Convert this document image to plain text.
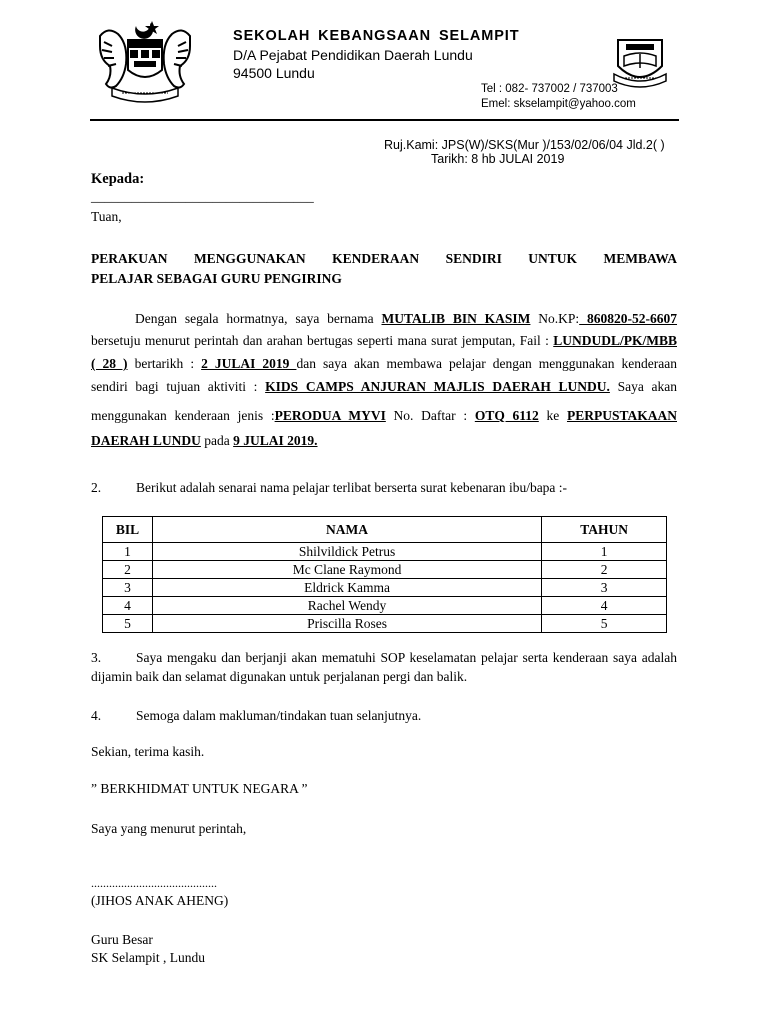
SEKOLAH KEBANGSAAN SELAMPIT
D/A Pejabat Pendidikan Daerah Lundu
94500 Lundu
Tel : 082- 737002 / 737003
Emel: skselampit@yahoo.com
Ruj.Kami: JPS(W)/SKS(Mur )/153/02/06/04 Jld.2( )
Tarikh: 8 hb JULAI 2019
Kepada:
_________________________________
Tuan,
PERAKUAN MENGGUNAKAN KENDERAAN SENDIRI UNTUK MEMBAWA
PELAJAR SEBAGAI GURU PENGIRING
Dengan segala hormatnya, saya bernama MUTALIB BIN KASIM No.KP: 860820-52-6607
bersetuju menurut perintah dan arahan bertugas seperti mana surat jemputan, Fail : LUNDUDL/PK/MBB
( 28 ) bertarikh : 2 JULAI 2019 dan saya akan membawa pelajar dengan menggunakan kenderaan
sendiri bagi tujuan aktiviti : KIDS CAMPS ANJURAN MAJLIS DAERAH LUNDU. Saya akan
menggunakan kenderaan jenis :PERODUA MYVI No. Daftar : OTQ 6112 ke PERPUSTAKAAN
DAERAH LUNDU pada 9 JULAI 2019.
2.	Berikut adalah senarai nama pelajar terlibat berserta surat kebenaran ibu/bapa :-
BIL	NAMA	TAHUN
1	Shilvildick Petrus	1
2	Mc Clane Raymond	2
3	Eldrick Kamma	3
4	Rachel Wendy	4
5	Priscilla Roses	5
3.	Saya mengaku dan berjanji akan mematuhi SOP keselamatan pelajar serta kenderaan saya adalah
dijamin baik dan selamat digunakan untuk perjalanan pergi dan balik.
4.	Semoga dalam makluman/tindakan tuan selanjutnya.
Sekian, terima kasih.
” BERKHIDMAT UNTUK NEGARA ”
Saya yang menurut perintah,
..........................................
(JIHOS ANAK AHENG)
Guru Besar
SK Selampit , Lundu
